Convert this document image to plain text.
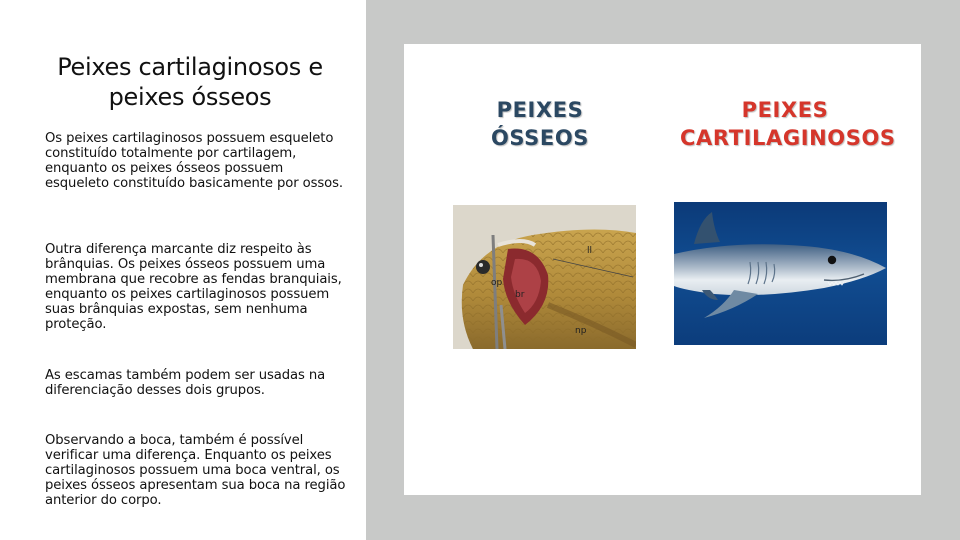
Peixes cartilaginosos e peixes ósseos

Os peixes cartilaginosos possuem esqueleto constituído totalmente por cartilagem, enquanto os peixes ósseos possuem esqueleto constituído basicamente por ossos.

Outra diferença marcante diz respeito às brânquias. Os peixes ósseos possuem uma membrana que recobre as fendas branquiais, enquanto os peixes cartilaginosos possuem suas brânquias expostas, sem nenhuma proteção.

As escamas também podem ser usadas na diferenciação desses dois grupos.

Observando a boca, também é possível verificar uma diferença. Enquanto os peixes cartilaginosos possuem uma boca ventral, os peixes ósseos apresentam sua boca na região anterior do corpo.

PEIXES ÓSSEOS
PEIXES CARTILAGINOSOS
op
br
ll
np
